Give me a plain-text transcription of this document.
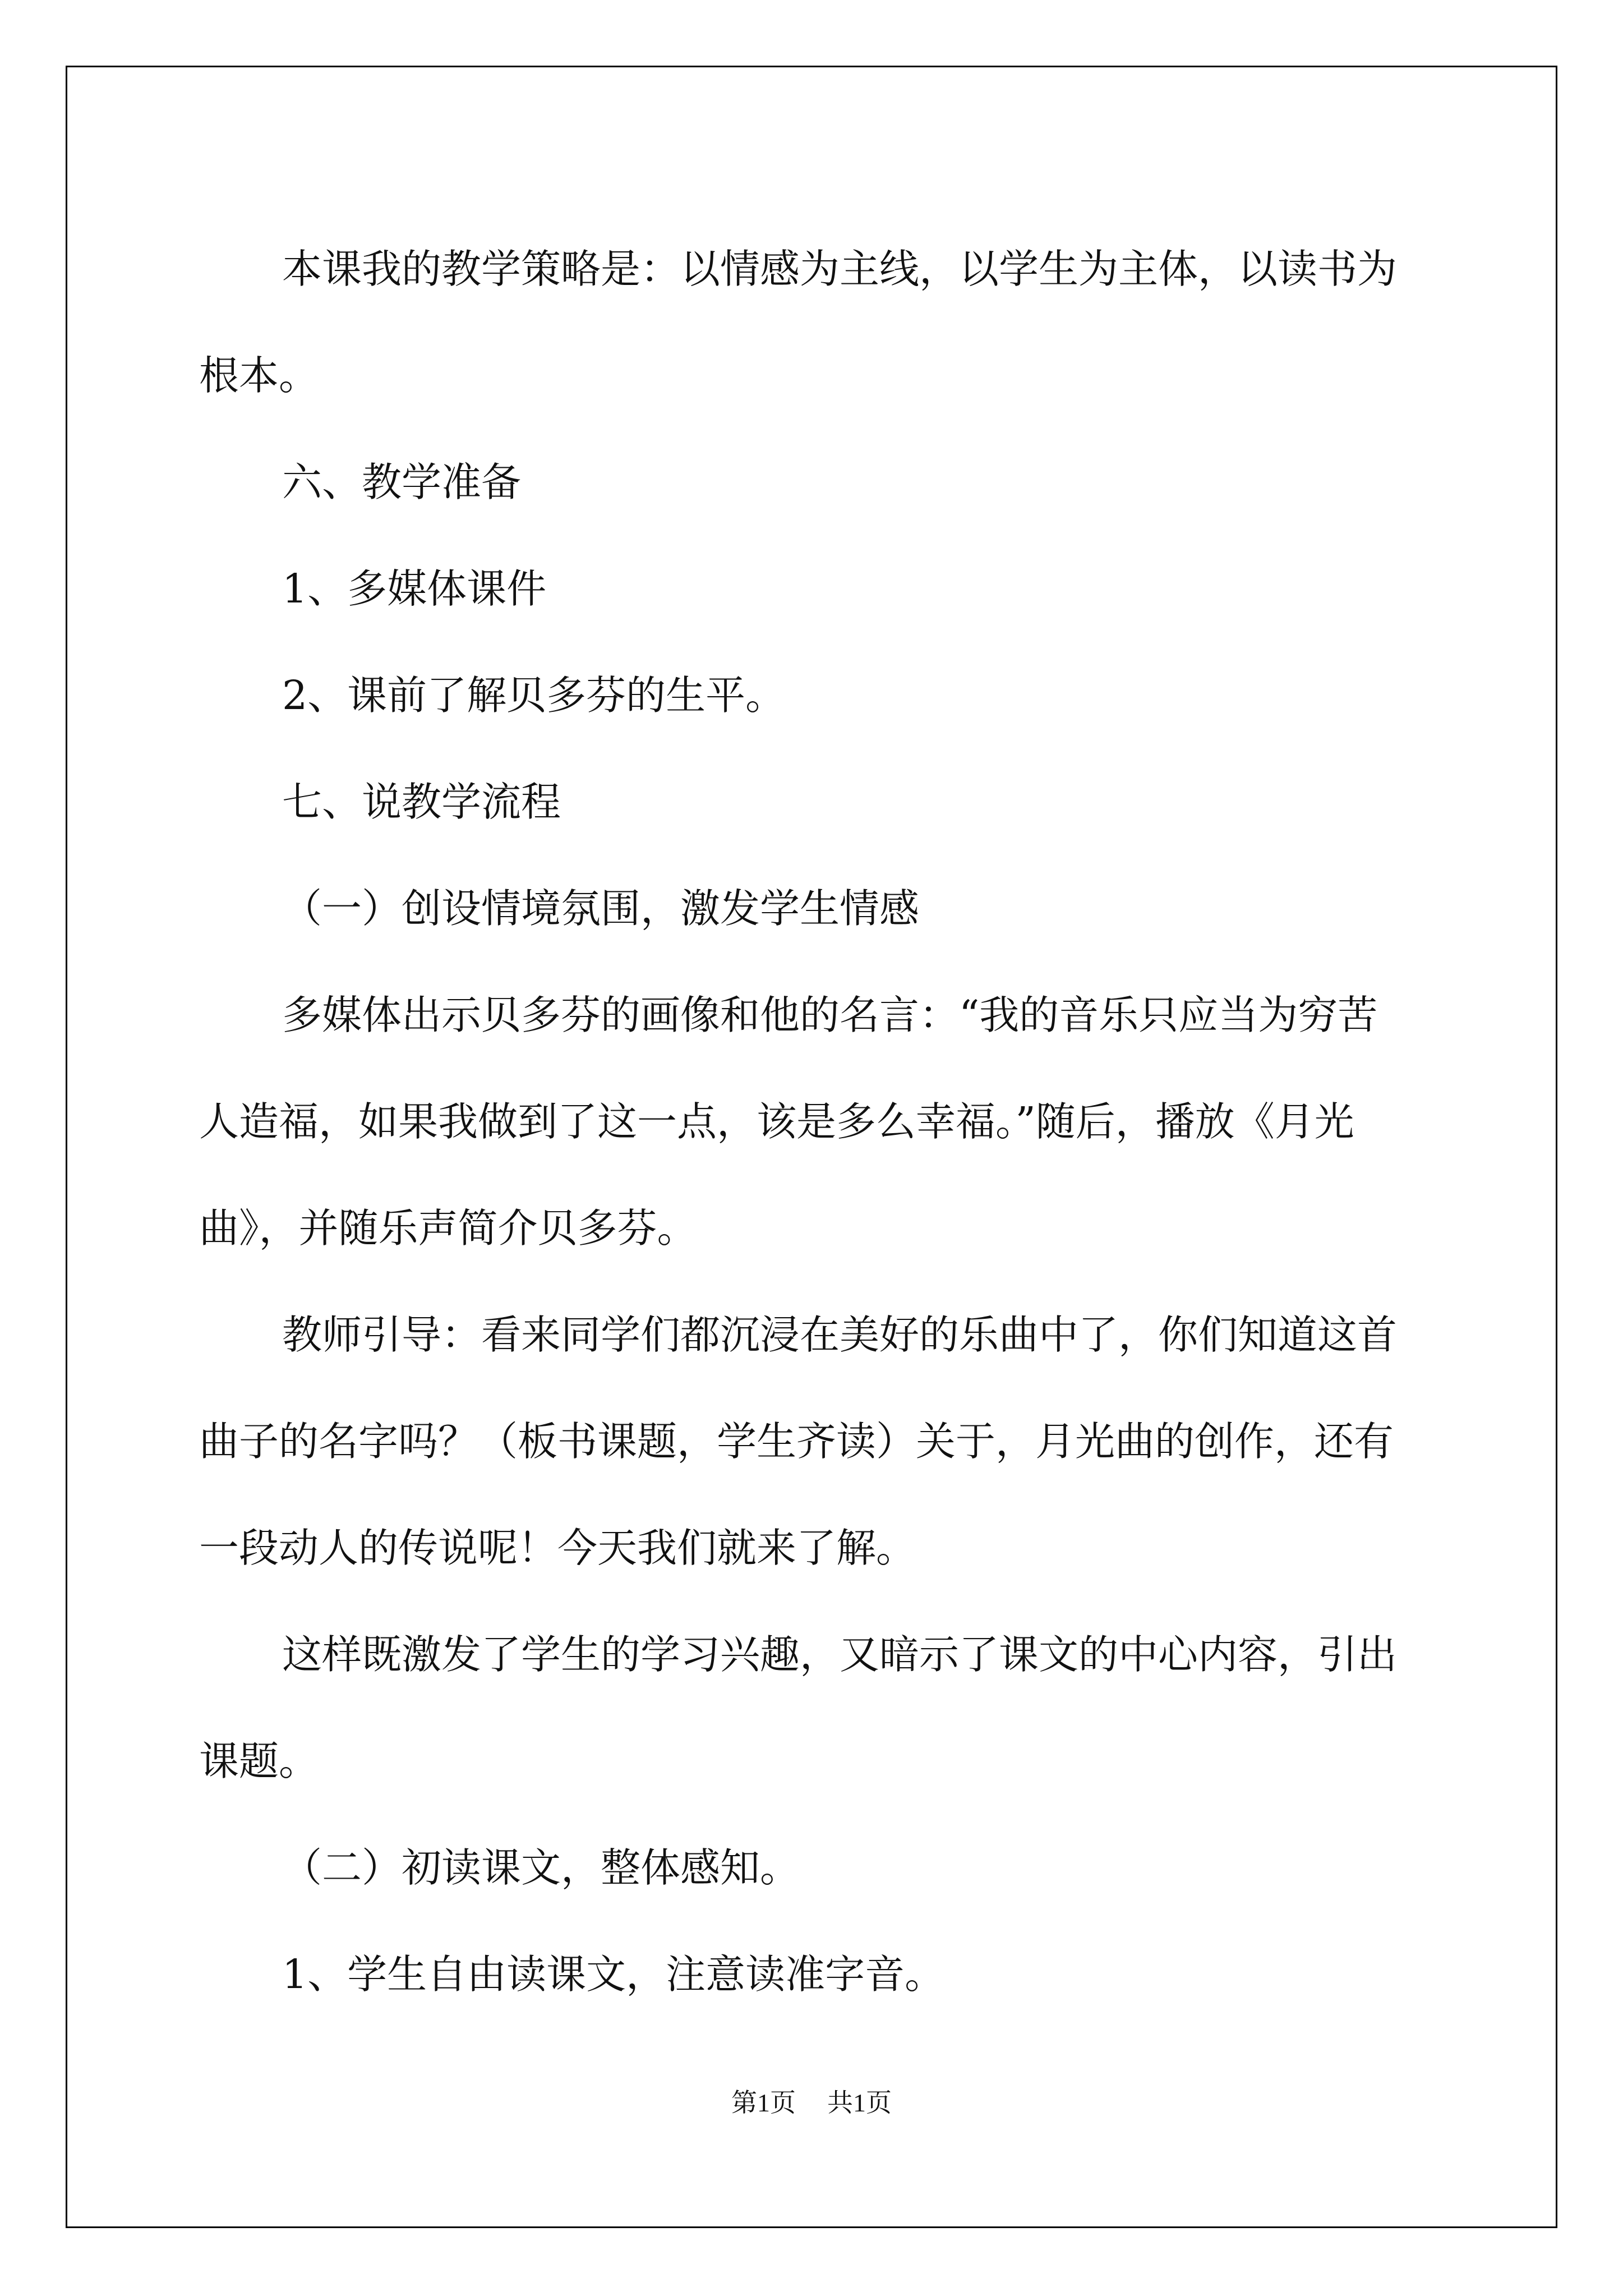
本课我的教学策略是：以情感为主线，以学生为主体，以读书为

根本。

六、教学准备

1、多媒体课件

2、课前了解贝多芬的生平。

七、说教学流程

（一）创设情境氛围，激发学生情感

多媒体出示贝多芬的画像和他的名言：“我的音乐只应当为穷苦

人造福，如果我做到了这一点，该是多么幸福。”随后，播放《月光

曲》，并随乐声简介贝多芬。

教师引导：看来同学们都沉浸在美好的乐曲中了，你们知道这首

曲子的名字吗？（板书课题，学生齐读）关于，月光曲的创作，还有

一段动人的传说呢！今天我们就来了解。

这样既激发了学生的学习兴趣，又暗示了课文的中心内容，引出

课题。

（二）初读课文，整体感知。

1、学生自由读课文，注意读准字音。

第1页 共1页
